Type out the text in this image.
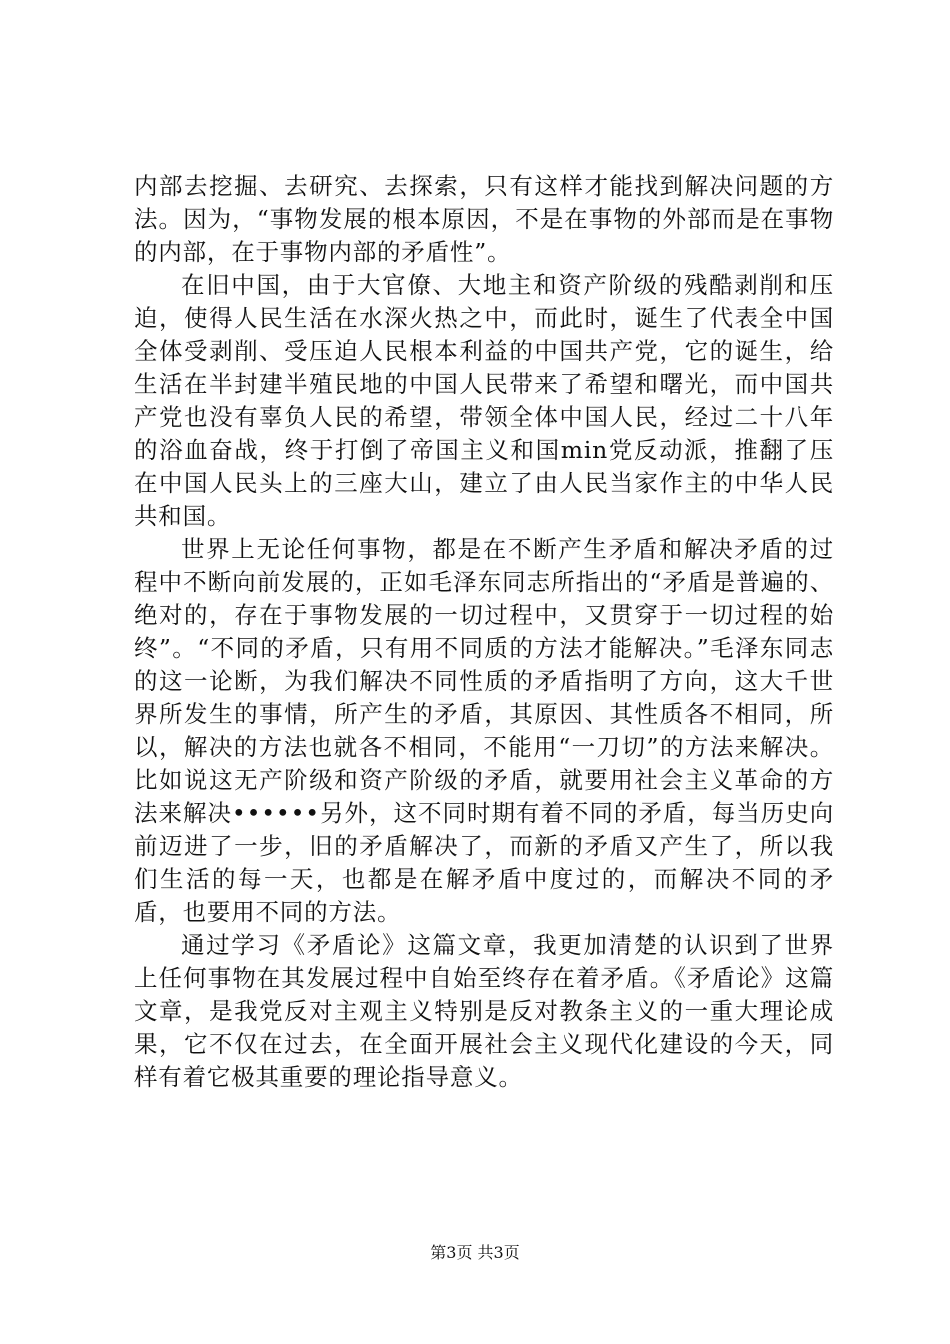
内部去挖掘、去研究、去探索，只有这样才能找到解决问题的方法。因为，“事物发展的根本原因，不是在事物的外部而是在事物的内部，在于事物内部的矛盾性”。

在旧中国，由于大官僚、大地主和资产阶级的残酷剥削和压迫，使得人民生活在水深火热之中，而此时，诞生了代表全中国全体受剥削、受压迫人民根本利益的中国共产党，它的诞生，给生活在半封建半殖民地的中国人民带来了希望和曙光，而中国共产党也没有辜负人民的希望，带领全体中国人民，经过二十八年的浴血奋战，终于打倒了帝国主义和国min党反动派，推翻了压在中国人民头上的三座大山，建立了由人民当家作主的中华人民共和国。

世界上无论任何事物，都是在不断产生矛盾和解决矛盾的过程中不断向前发展的，正如毛泽东同志所指出的“矛盾是普遍的、绝对的，存在于事物发展的一切过程中，又贯穿于一切过程的始终”。“不同的矛盾，只有用不同质的方法才能解决。”毛泽东同志的这一论断，为我们解决不同性质的矛盾指明了方向，这大千世界所发生的事情，所产生的矛盾，其原因、其性质各不相同，所以，解决的方法也就各不相同，不能用“一刀切”的方法来解决。比如说这无产阶级和资产阶级的矛盾，就要用社会主义革命的方法来解决••••••另外，这不同时期有着不同的矛盾，每当历史向前迈进了一步，旧的矛盾解决了，而新的矛盾又产生了，所以我们生活的每一天，也都是在解矛盾中度过的，而解决不同的矛盾，也要用不同的方法。

通过学习《矛盾论》这篇文章，我更加清楚的认识到了世界上任何事物在其发展过程中自始至终存在着矛盾。《矛盾论》这篇文章，是我党反对主观主义特别是反对教条主义的一重大理论成果，它不仅在过去，在全面开展社会主义现代化建设的今天，同样有着它极其重要的理论指导意义。

第3页 共3页
